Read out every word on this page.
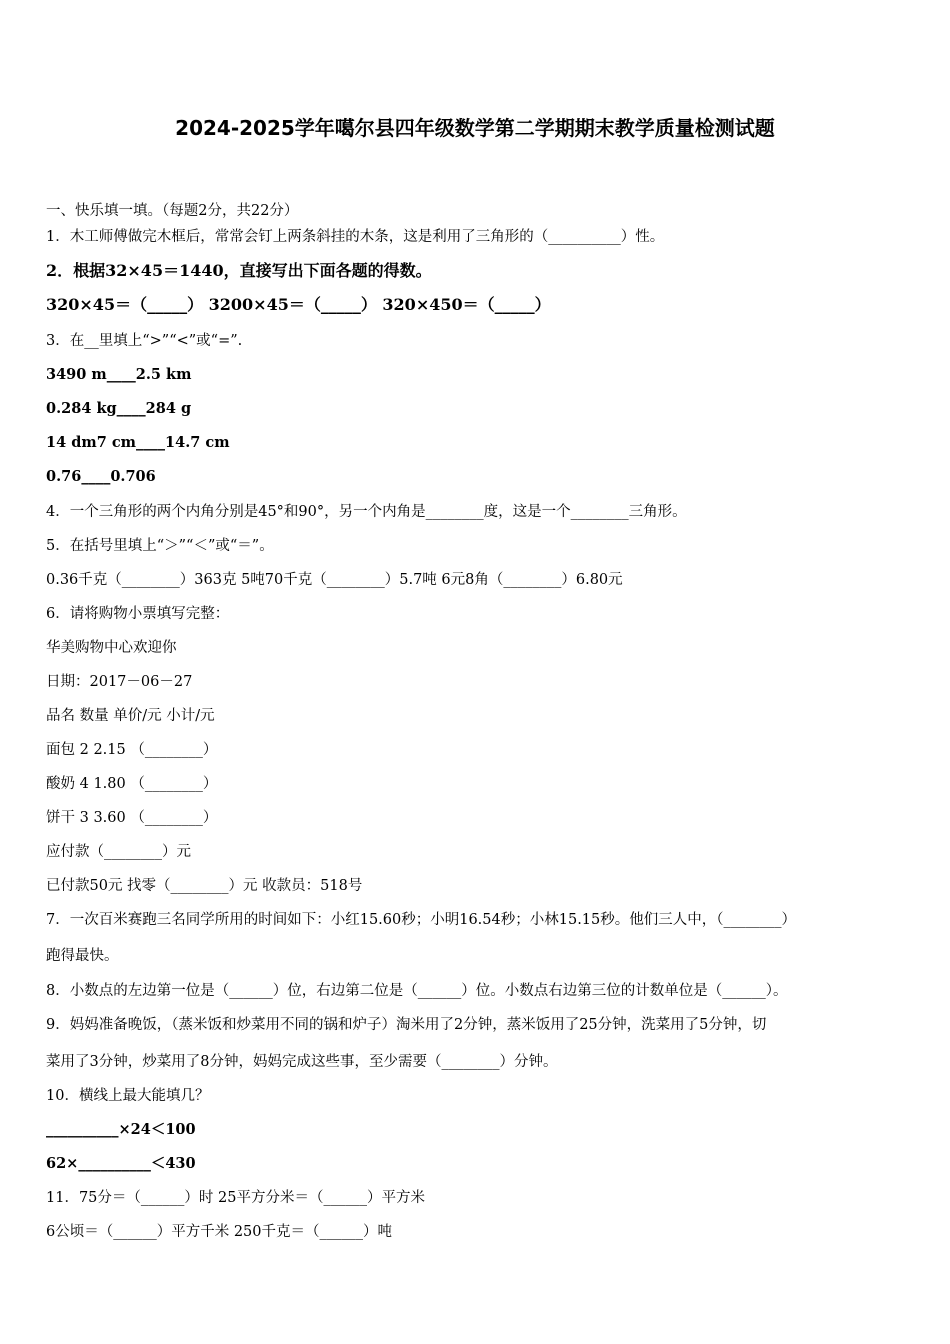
2024-2025学年噶尔县四年级数学第二学期期末教学质量检测试题
一、快乐填一填。（每题2分，共22分）
1．木工师傅做完木框后，常常会钉上两条斜挂的木条，这是利用了三角形的（__________）性。
2．根据32×45＝1440，直接写出下面各题的得数。
320×45＝（_____） 3200×45＝（_____） 320×450＝（_____）
3．在__里填上“>”“<”或“=”.
3490 m____2.5 km
0.284 kg____284 g
14 dm7 cm____14.7 cm
0.76____0.706
4．一个三角形的两个内角分别是45°和90°，另一个内角是________度，这是一个________三角形。
5．在括号里填上“＞”“＜”或“＝”。
0.36千克（________）363克 5吨70千克（________）5.7吨 6元8角（________）6.80元
6．请将购物小票填写完整：
华美购物中心欢迎你
日期：2017－06－27
品名 数量 单价/元 小计/元
面包 2 2.15 （________）
酸奶 4 1.80 （________）
饼干 3 3.60 （________）
应付款（________）元
已付款50元 找零（________）元 收款员：518号
7．一次百米赛跑三名同学所用的时间如下：小红15.60秒；小明16.54秒；小林15.15秒。他们三人中，（________）
跑得最快。
8．小数点的左边第一位是（______）位，右边第二位是（______）位。小数点右边第三位的计数单位是（______）。
9．妈妈准备晚饭，（蒸米饭和炒菜用不同的锅和炉子）淘米用了2分钟，蒸米饭用了25分钟，洗菜用了5分钟，切
菜用了3分钟，炒菜用了8分钟，妈妈完成这些事，至少需要（________）分钟。
10．横线上最大能填几？
__________×24＜100
62×__________＜430
11．75分＝（______）时 25平方分米＝（______）平方米
6公顷＝（______）平方千米 250千克＝（______）吨
